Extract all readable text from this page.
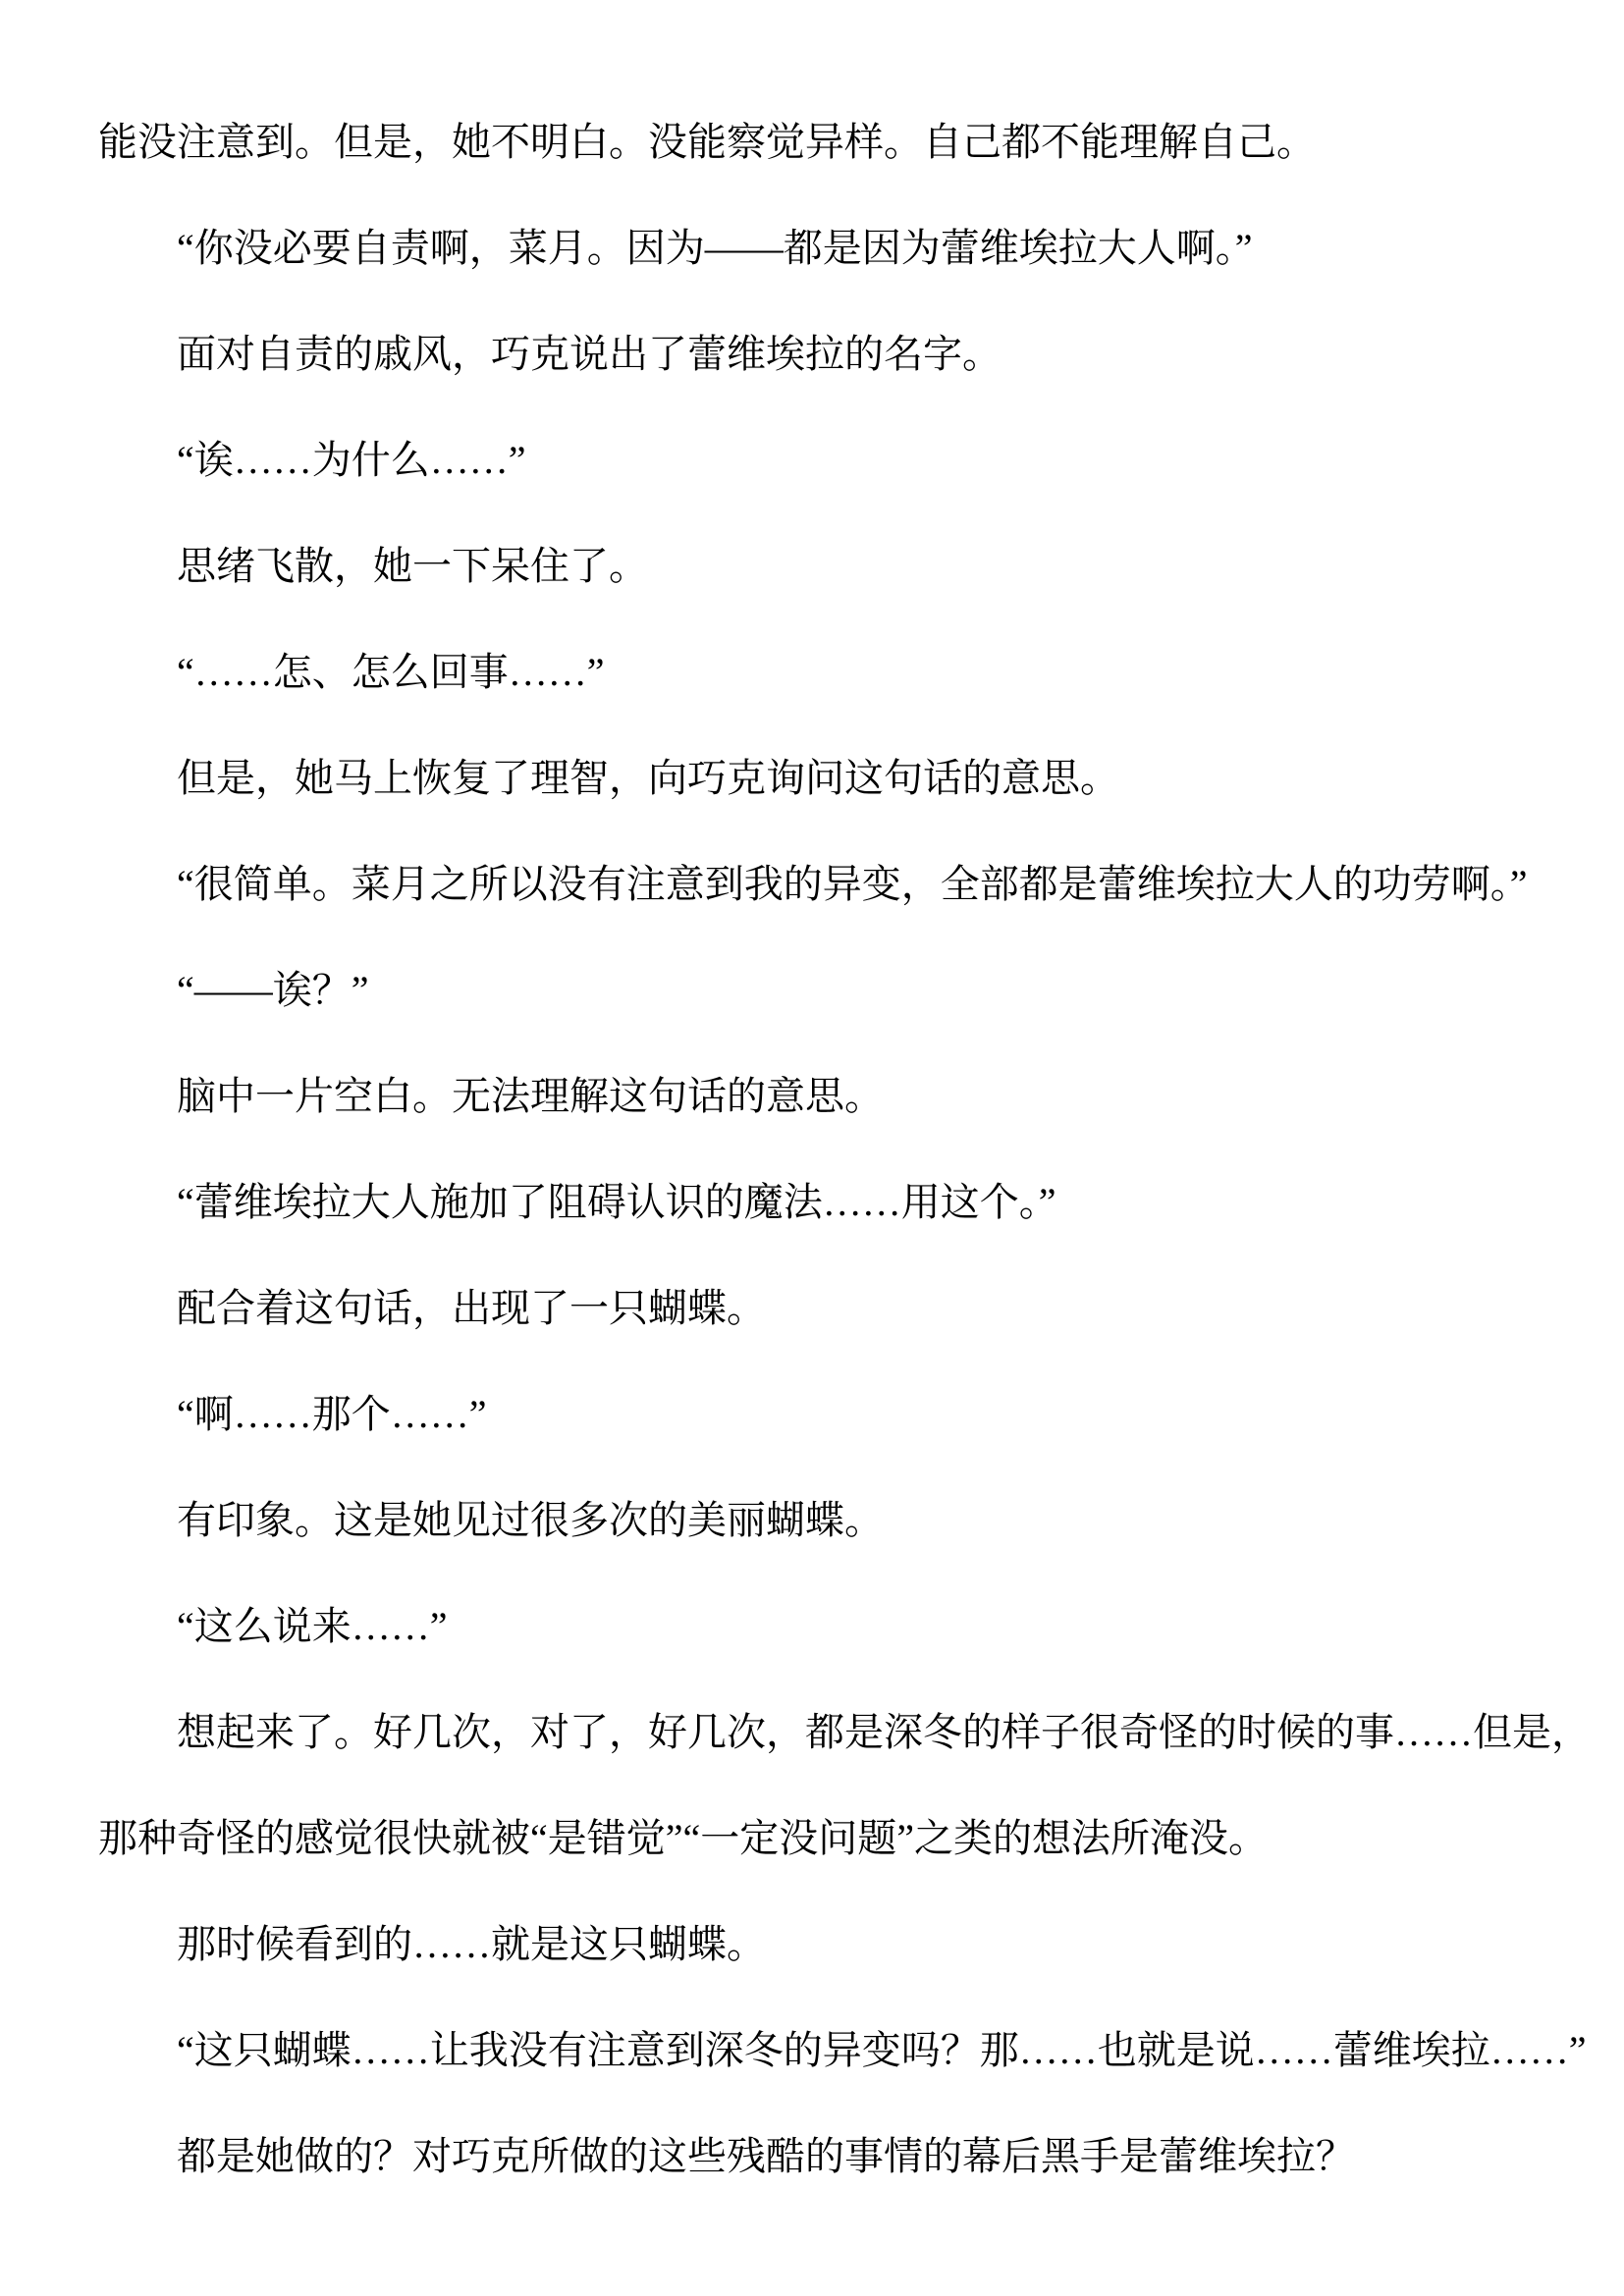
能没注意到。但是，她不明白。没能察觉异样。自己都不能理解自己。

“你没必要自责啊，菜月。因为——都是因为蕾维埃拉大人啊。”

面对自责的戚风，巧克说出了蕾维埃拉的名字。

“诶……为什么……”

思绪飞散，她一下呆住了。

“……怎、怎么回事……”

但是，她马上恢复了理智，向巧克询问这句话的意思。

“很简单。菜月之所以没有注意到我的异变，全部都是蕾维埃拉大人的功劳啊。”

“——诶？”

脑中一片空白。无法理解这句话的意思。

“蕾维埃拉大人施加了阻碍认识的魔法……用这个。”

配合着这句话，出现了一只蝴蝶。

“啊……那个……”

有印象。这是她见过很多次的美丽蝴蝶。

“这么说来……”

想起来了。好几次，对了，好几次，都是深冬的样子很奇怪的时候的事……但是，那种奇怪的感觉很快就被“是错觉”“一定没问题”之类的想法所淹没。

那时候看到的……就是这只蝴蝶。

“这只蝴蝶……让我没有注意到深冬的异变吗？那……也就是说……蕾维埃拉……”

都是她做的？对巧克所做的这些残酷的事情的幕后黑手是蕾维埃拉？
